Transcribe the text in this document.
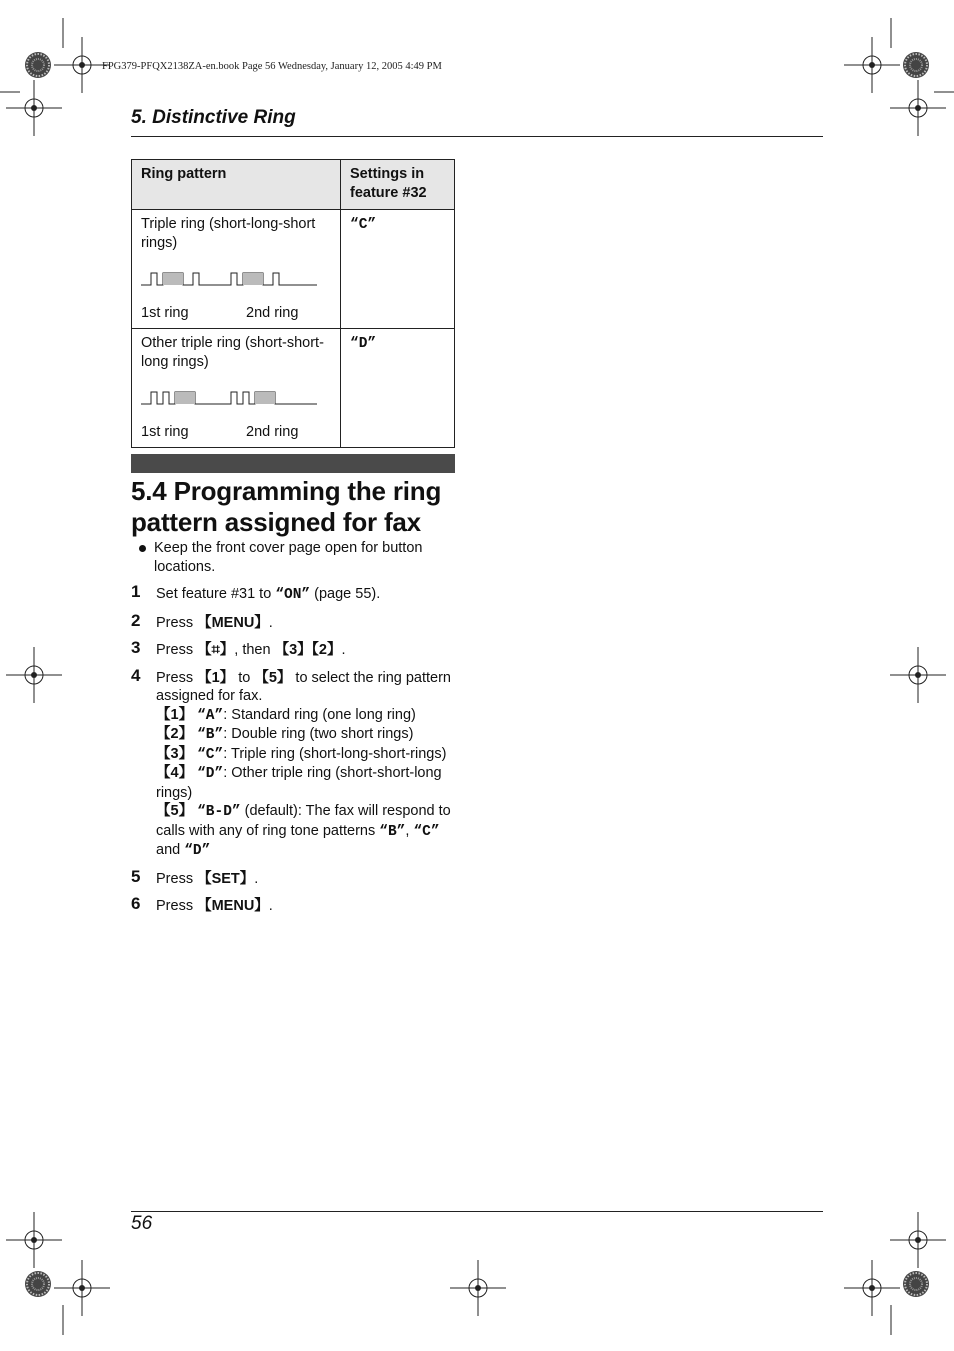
FPG379-PFQX2138ZA-en.book Page 56 Wednesday, January 12, 2005 4:49 PM
5. Distinctive Ring
Ring pattern	Settings in feature #32

Triple ring (short-long-short rings)
1st ring 2nd ring	“C”

Other triple ring (short-short-long rings)
1st ring 2nd ring	“D”
5.4 Programming the ring pattern assigned for fax
Keep the front cover page open for button locations.
1 Set feature #31 to “ON” (page 55).
2 Press 【MENU】.
3 Press 【⌗】, then 【3】【2】.
4 Press 【1】 to 【5】 to select the ring pattern assigned for fax.
【1】 “A”: Standard ring (one long ring)
【2】 “B”: Double ring (two short rings)
【3】 “C”: Triple ring (short-long-short-rings)
【4】 “D”: Other triple ring (short-short-long rings)
【5】 “B-D” (default): The fax will respond to calls with any of ring tone patterns “B”, “C” and “D”
5 Press 【SET】.
6 Press 【MENU】.
56
